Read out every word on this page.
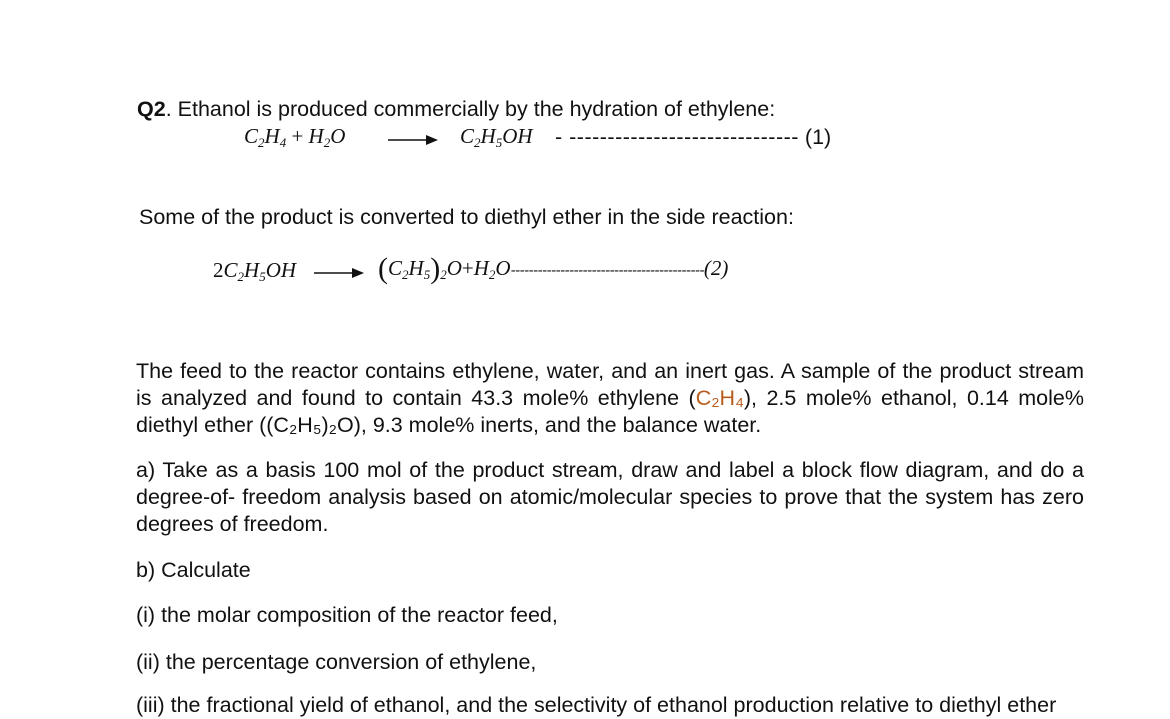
Q2. Ethanol is produced commercially by the hydration of ethylene:
$C_2H_4 + H_2O$	→ $C_2H_5OH$ - ------------------------------ (1)
Some of the product is converted to diethyl ether in the side reaction:
$2C_2H_5OH \to (C_2H_5)_2O+H_2O-------------------------------------------(2)$
The feed to the reactor contains ethylene, water, and an inert gas. A sample of the product stream is analyzed and found to contain 43.3 mole% ethylene (C₂H₄), 2.5 mole% ethanol, 0.14 mole% diethyl ether ((C₂H₅)₂O), 9.3 mole% inerts, and the balance water.
a) Take as a basis 100 mol of the product stream, draw and label a block flow diagram, and do a degree-of- freedom analysis based on atomic/molecular species to prove that the system has zero degrees of freedom.
b) Calculate
(i) the molar composition of the reactor feed,
(ii) the percentage conversion of ethylene,
(iii) the fractional yield of ethanol, and the selectivity of ethanol production relative to diethyl ether
